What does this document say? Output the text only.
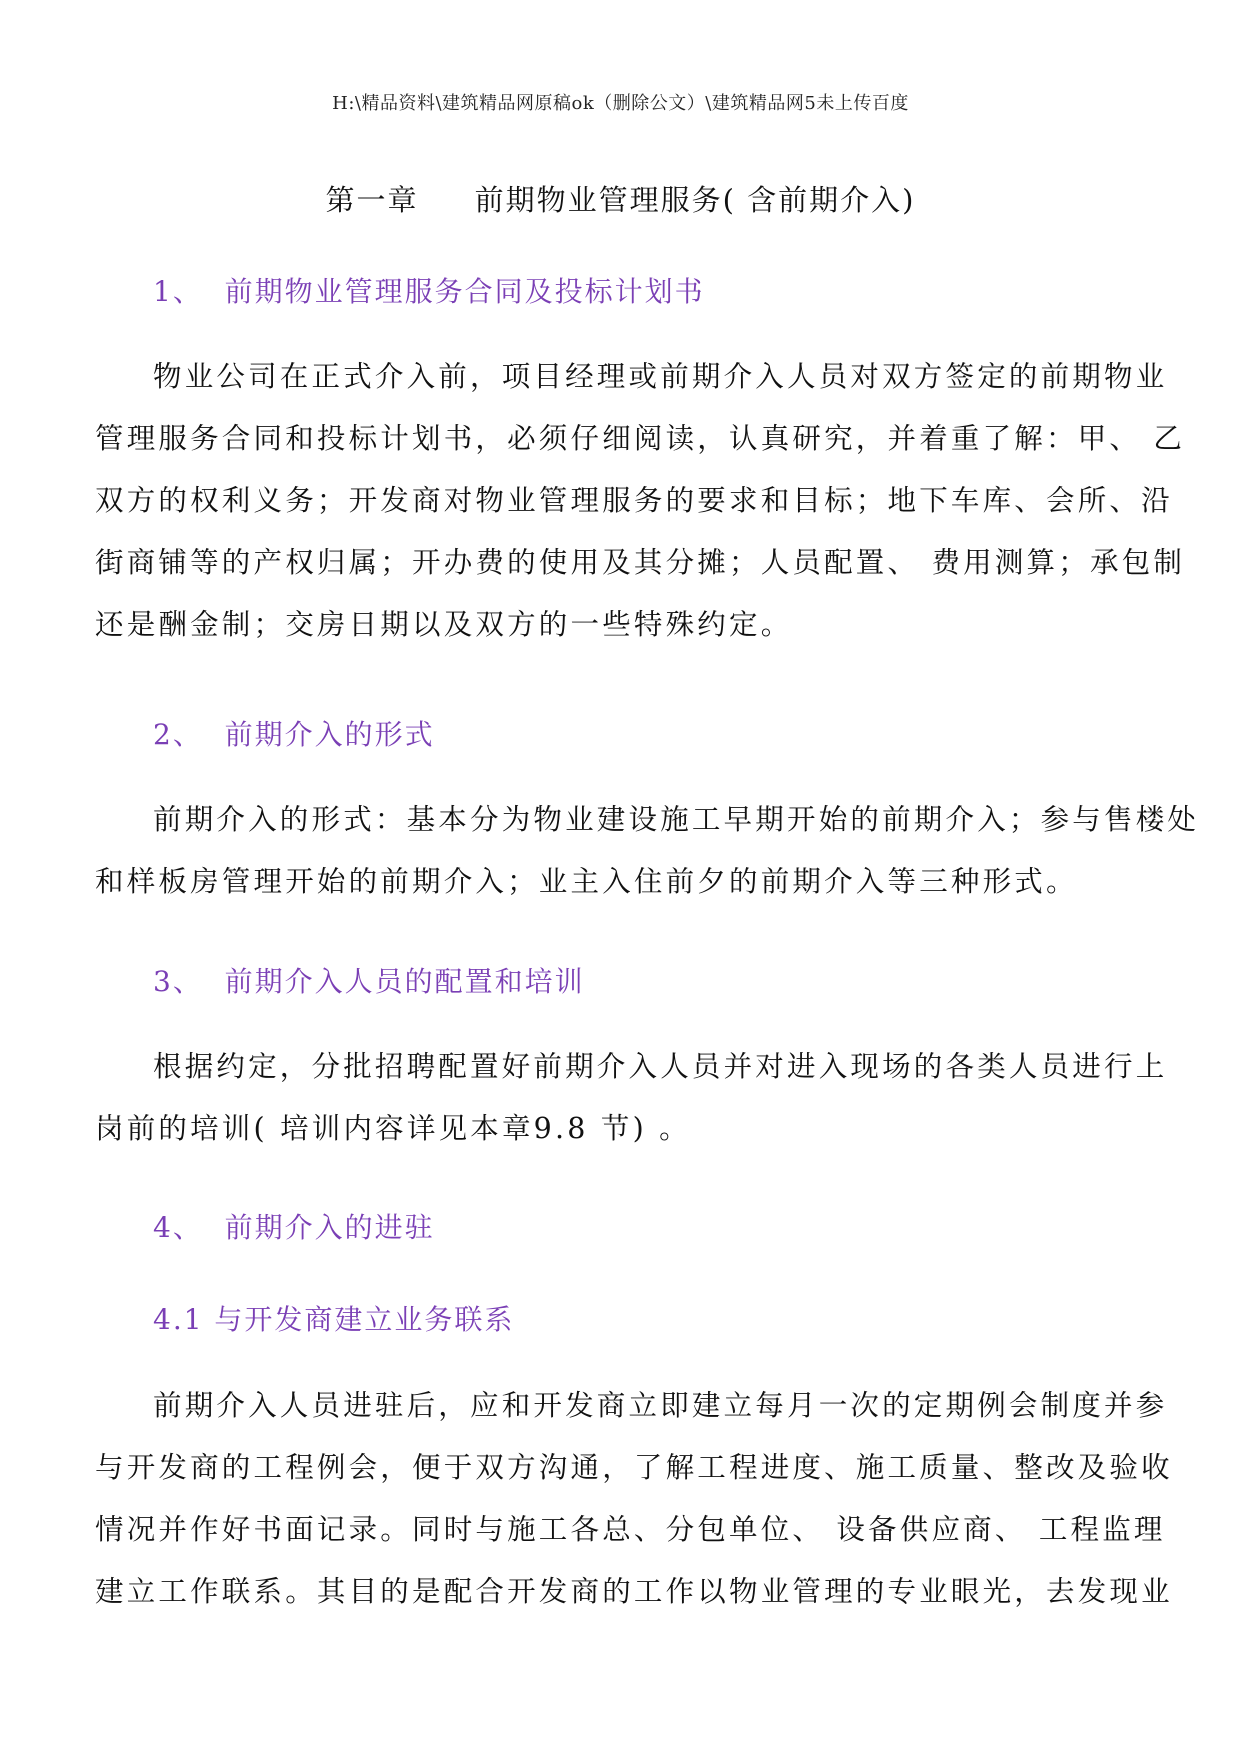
H:\精品资料\建筑精品网原稿ok（删除公文）\建筑精品网5未上传百度
第一章     前期物业管理服务( 含前期介入)
1、  前期物业管理服务合同及投标计划书

物业公司在正式介入前，项目经理或前期介入人员对双方签定的前期物业
管理服务合同和投标计划书，必须仔细阅读，认真研究，并着重了解：甲、 乙
双方的权利义务；开发商对物业管理服务的要求和目标；地下车库、会所、沿
街商铺等的产权归属；开办费的使用及其分摊；人员配置、 费用测算；承包制
还是酬金制；交房日期以及双方的一些特殊约定。

2、  前期介入的形式

前期介入的形式：基本分为物业建设施工早期开始的前期介入；参与售楼处
和样板房管理开始的前期介入；业主入住前夕的前期介入等三种形式。

3、  前期介入人员的配置和培训

根据约定，分批招聘配置好前期介入人员并对进入现场的各类人员进行上
岗前的培训( 培训内容详见本章9.8 节) 。

4、  前期介入的进驻
4.1 与开发商建立业务联系

前期介入人员进驻后，应和开发商立即建立每月一次的定期例会制度并参
与开发商的工程例会，便于双方沟通，了解工程进度、施工质量、整改及验收
情况并作好书面记录。同时与施工各总、分包单位、 设备供应商、 工程监理
建立工作联系。其目的是配合开发商的工作以物业管理的专业眼光，去发现业
